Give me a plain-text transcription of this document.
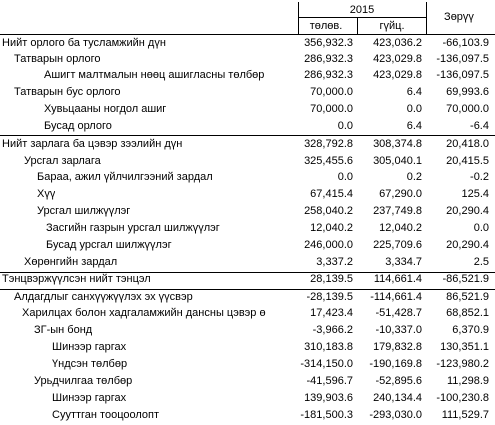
2015
төлөв.	гүйц.
Зөрүү
Нийт орлого ба тусламжийн дүн	356,932.3 423,036.2 -66,103.9
Татварын орлого	286,932.3 423,029.8 -136,097.5
Ашигт малтмалын нөөц ашигласны төлбөр	286,932.3 423,029.8 -136,097.5
Татварын бус орлого	70,000.0	6.4 69,993.6
Хувьцааны ногдол ашиг	70,000.0	0.0 70,000.0
Бусад орлого	0.0	6.4	-6.4
Нийт зарлага ба цэвэр зээлийн дүн	328,792.8 308,374.8 20,418.0
Урсгал зарлага	325,455.6 305,040.1 20,415.5
Бараа, ажил үйлчилгээний зардал	0.0	0.2	-0.2
Хүү	67,415.4 67,290.0	125.4
Урсгал шилжүүлэг	258,040.2 237,749.8 20,290.4
Засгийн газрын урсгал шилжүүлэг	12,040.2 12,040.2	0.0
Бусад урсгал шилжүүлэг	246,000.0 225,709.6 20,290.4
Хөрөнгийн зардал	3,337.2	3,334.7	2.5
Тэнцвэржүүлсэн нийт тэнцэл	28,139.5 114,661.4 -86,521.9
Алдагдлыг санхүүжүүлэх эх үүсвэр	-28,139.5 -114,661.4 86,521.9
Харилцах болон хадгаламжийн дансны цэвэр ө	17,423.4 -51,428.7 68,852.1
ЗГ-ын бонд	-3,966.2 -10,337.0	6,370.9
Шинээр гаргах	310,183.8 179,832.8 130,351.1
Үндсэн төлбөр	-314,150.0 -190,169.8 -123,980.2
Урьдчилгаа төлбөр	-41,596.7 -52,895.6 11,298.9
Шинээр гаргах	139,903.6 240,134.4 -100,230.8
Сууттган тооцоолопт	-181,500.3 -293,030.0 111,529.7
